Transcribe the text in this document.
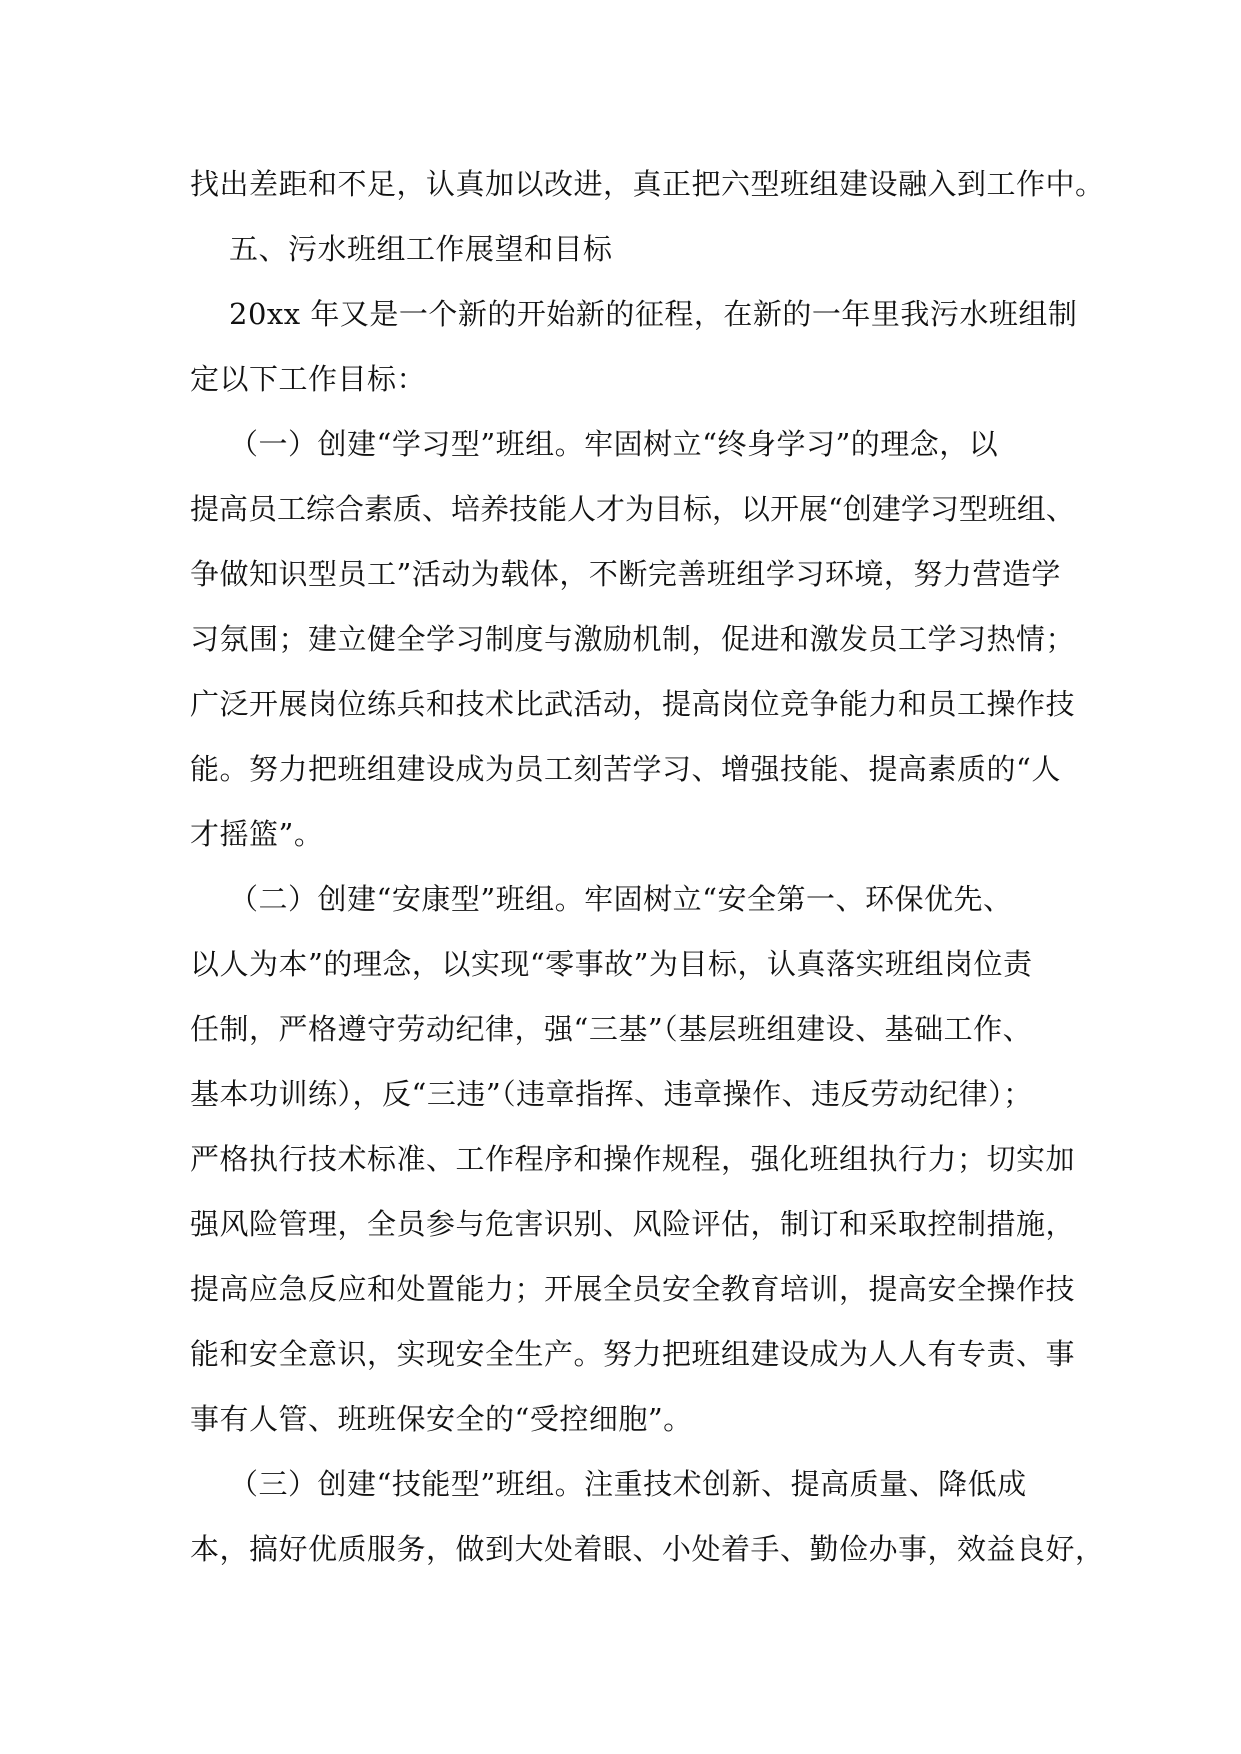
找出差距和不足，认真加以改进，真正把六型班组建设融入到工作中。
五、污水班组工作展望和目标
20xx 年又是一个新的开始新的征程，在新的一年里我污水班组制
定以下工作目标：
（一）创建“学习型”班组。牢固树立“终身学习”的理念，以
提高员工综合素质、培养技能人才为目标，以开展“创建学习型班组、
争做知识型员工”活动为载体，不断完善班组学习环境，努力营造学
习氛围；建立健全学习制度与激励机制，促进和激发员工学习热情；
广泛开展岗位练兵和技术比武活动，提高岗位竞争能力和员工操作技
能。努力把班组建设成为员工刻苦学习、增强技能、提高素质的“人
才摇篮”。
（二）创建“安康型”班组。牢固树立“安全第一、环保优先、
以人为本”的理念，以实现“零事故”为目标，认真落实班组岗位责
任制，严格遵守劳动纪律，强“三基”（基层班组建设、基础工作、
基本功训练），反“三违”（违章指挥、违章操作、违反劳动纪律）；
严格执行技术标准、工作程序和操作规程，强化班组执行力；切实加
强风险管理，全员参与危害识别、风险评估，制订和采取控制措施，
提高应急反应和处置能力；开展全员安全教育培训，提高安全操作技
能和安全意识，实现安全生产。努力把班组建设成为人人有专责、事
事有人管、班班保安全的“受控细胞”。
（三）创建“技能型”班组。注重技术创新、提高质量、降低成
本，搞好优质服务，做到大处着眼、小处着手、勤俭办事，效益良好，
